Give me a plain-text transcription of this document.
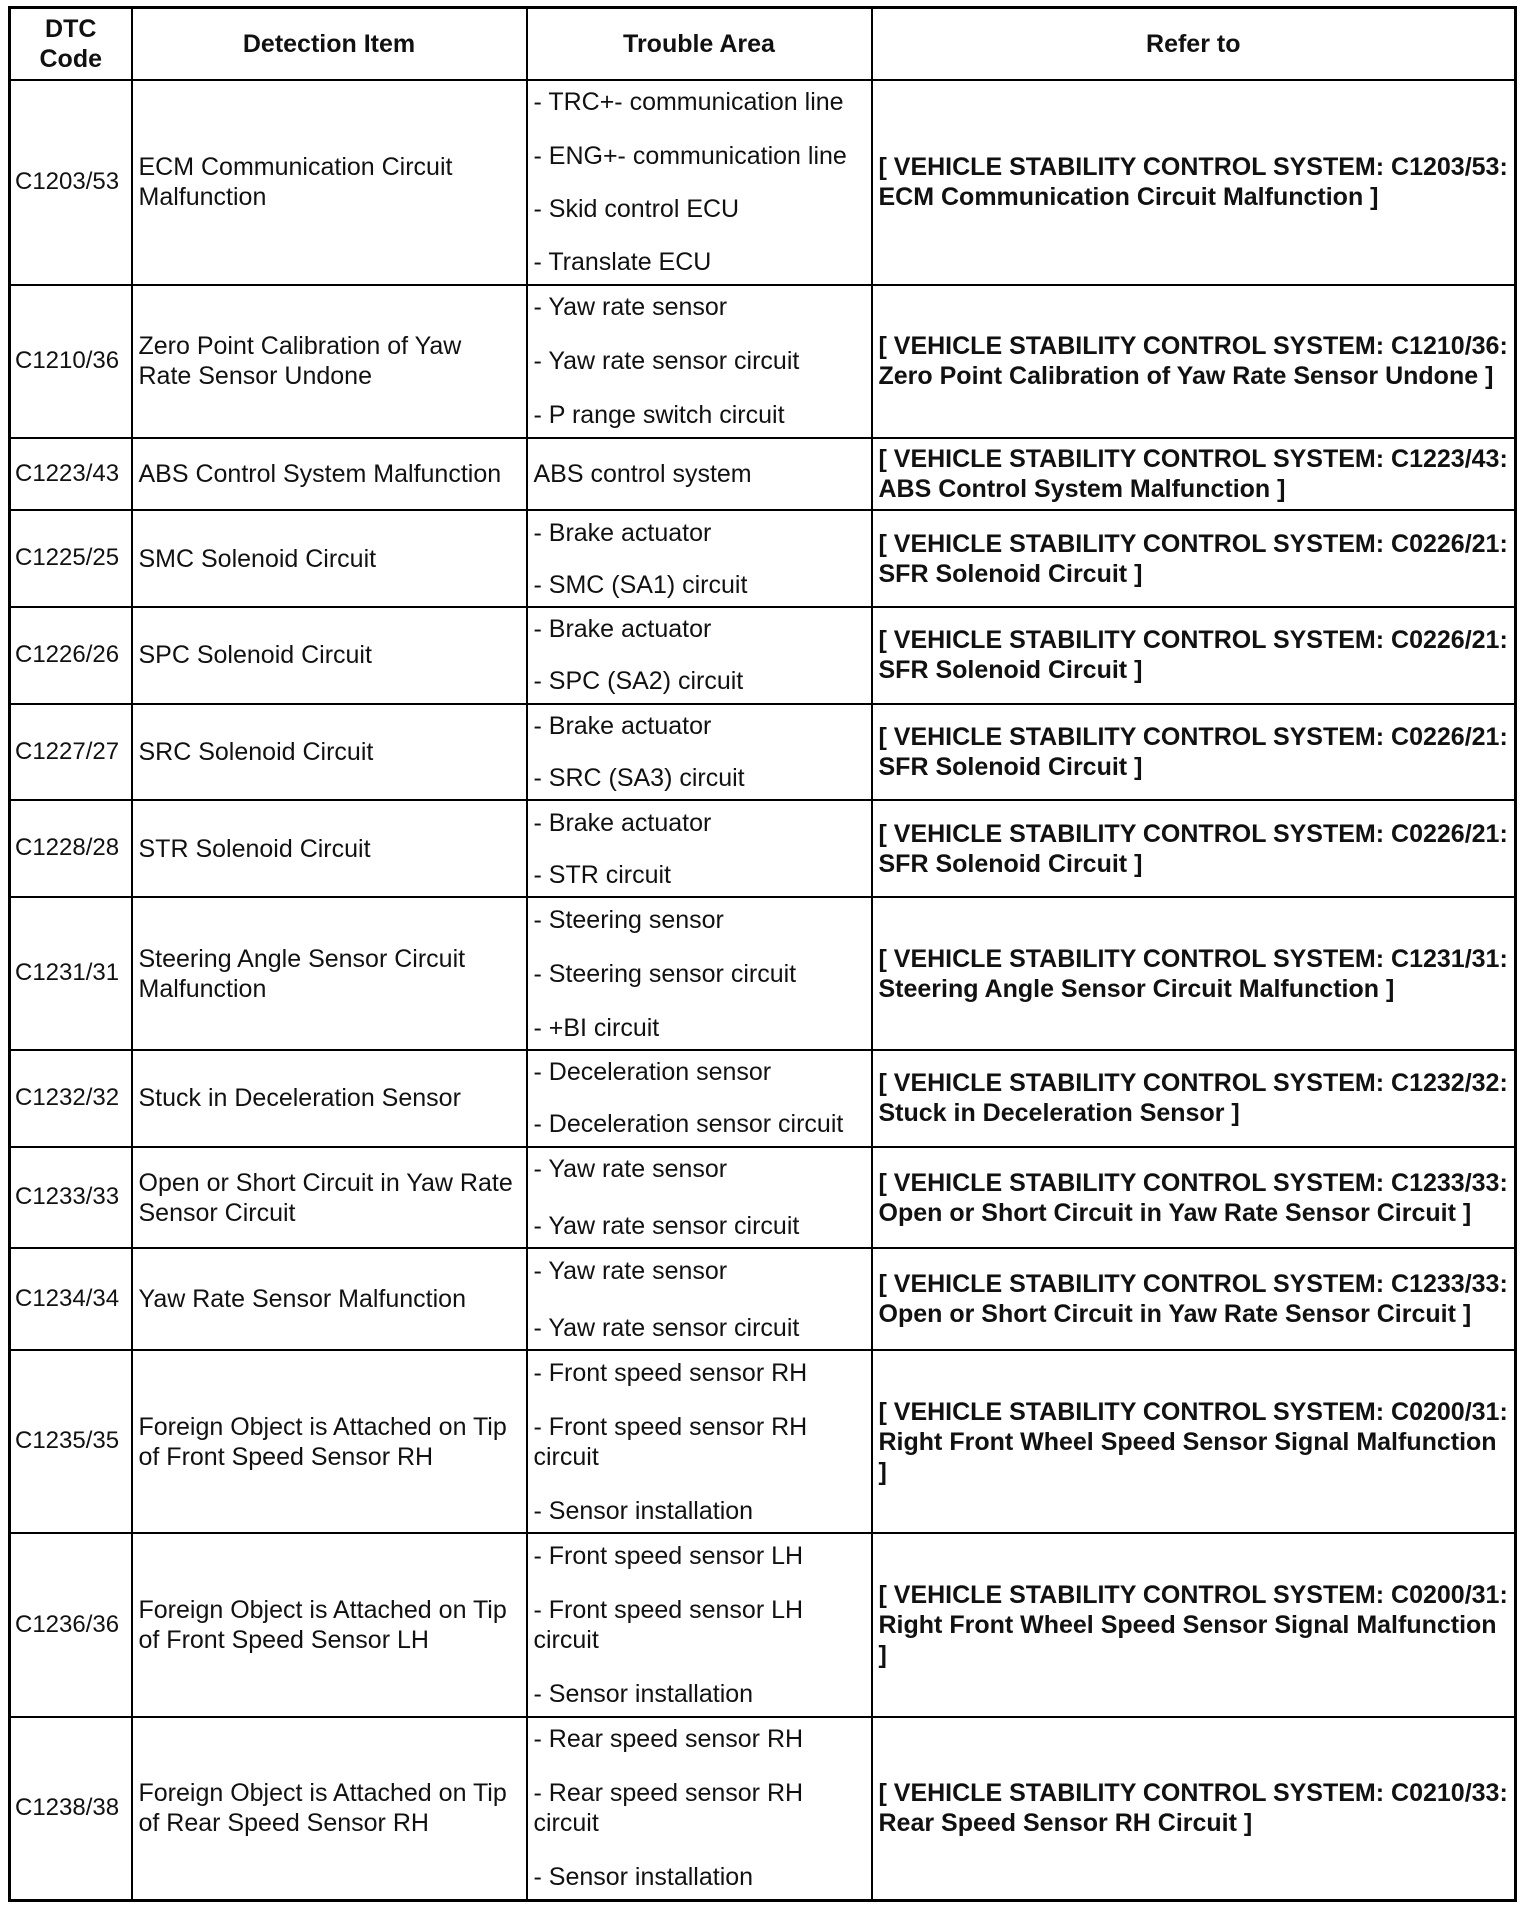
DTC Code	Detection Item	Trouble Area	Refer to
C1203/53	ECM Communication Circuit Malfunction	- TRC+- communication line
- ENG+- communication line
- Skid control ECU
- Translate ECU	[ VEHICLE STABILITY CONTROL SYSTEM: C1203/53: ECM Communication Circuit Malfunction ]
C1210/36	Zero Point Calibration of Yaw Rate Sensor Undone	- Yaw rate sensor
- Yaw rate sensor circuit
- P range switch circuit	[ VEHICLE STABILITY CONTROL SYSTEM: C1210/36: Zero Point Calibration of Yaw Rate Sensor Undone ]
C1223/43	ABS Control System Malfunction	ABS control system	[ VEHICLE STABILITY CONTROL SYSTEM: C1223/43: ABS Control System Malfunction ]
C1225/25	SMC Solenoid Circuit	- Brake actuator
- SMC (SA1) circuit	[ VEHICLE STABILITY CONTROL SYSTEM: C0226/21: SFR Solenoid Circuit ]
C1226/26	SPC Solenoid Circuit	- Brake actuator
- SPC (SA2) circuit	[ VEHICLE STABILITY CONTROL SYSTEM: C0226/21: SFR Solenoid Circuit ]
C1227/27	SRC Solenoid Circuit	- Brake actuator
- SRC (SA3) circuit	[ VEHICLE STABILITY CONTROL SYSTEM: C0226/21: SFR Solenoid Circuit ]
C1228/28	STR Solenoid Circuit	- Brake actuator
- STR circuit	[ VEHICLE STABILITY CONTROL SYSTEM: C0226/21: SFR Solenoid Circuit ]
C1231/31	Steering Angle Sensor Circuit Malfunction	- Steering sensor
- Steering sensor circuit
- +BI circuit	[ VEHICLE STABILITY CONTROL SYSTEM: C1231/31: Steering Angle Sensor Circuit Malfunction ]
C1232/32	Stuck in Deceleration Sensor	- Deceleration sensor
- Deceleration sensor circuit	[ VEHICLE STABILITY CONTROL SYSTEM: C1232/32: Stuck in Deceleration Sensor ]
C1233/33	Open or Short Circuit in Yaw Rate Sensor Circuit	- Yaw rate sensor
- Yaw rate sensor circuit	[ VEHICLE STABILITY CONTROL SYSTEM: C1233/33: Open or Short Circuit in Yaw Rate Sensor Circuit ]
C1234/34	Yaw Rate Sensor Malfunction	- Yaw rate sensor
- Yaw rate sensor circuit	[ VEHICLE STABILITY CONTROL SYSTEM: C1233/33: Open or Short Circuit in Yaw Rate Sensor Circuit ]
C1235/35	Foreign Object is Attached on Tip of Front Speed Sensor RH	- Front speed sensor RH
- Front speed sensor RH circuit
- Sensor installation	[ VEHICLE STABILITY CONTROL SYSTEM: C0200/31: Right Front Wheel Speed Sensor Signal Malfunction ]
C1236/36	Foreign Object is Attached on Tip of Front Speed Sensor LH	- Front speed sensor LH
- Front speed sensor LH circuit
- Sensor installation	[ VEHICLE STABILITY CONTROL SYSTEM: C0200/31: Right Front Wheel Speed Sensor Signal Malfunction ]
C1238/38	Foreign Object is Attached on Tip of Rear Speed Sensor RH	- Rear speed sensor RH
- Rear speed sensor RH circuit
- Sensor installation	[ VEHICLE STABILITY CONTROL SYSTEM: C0210/33: Rear Speed Sensor RH Circuit ]
